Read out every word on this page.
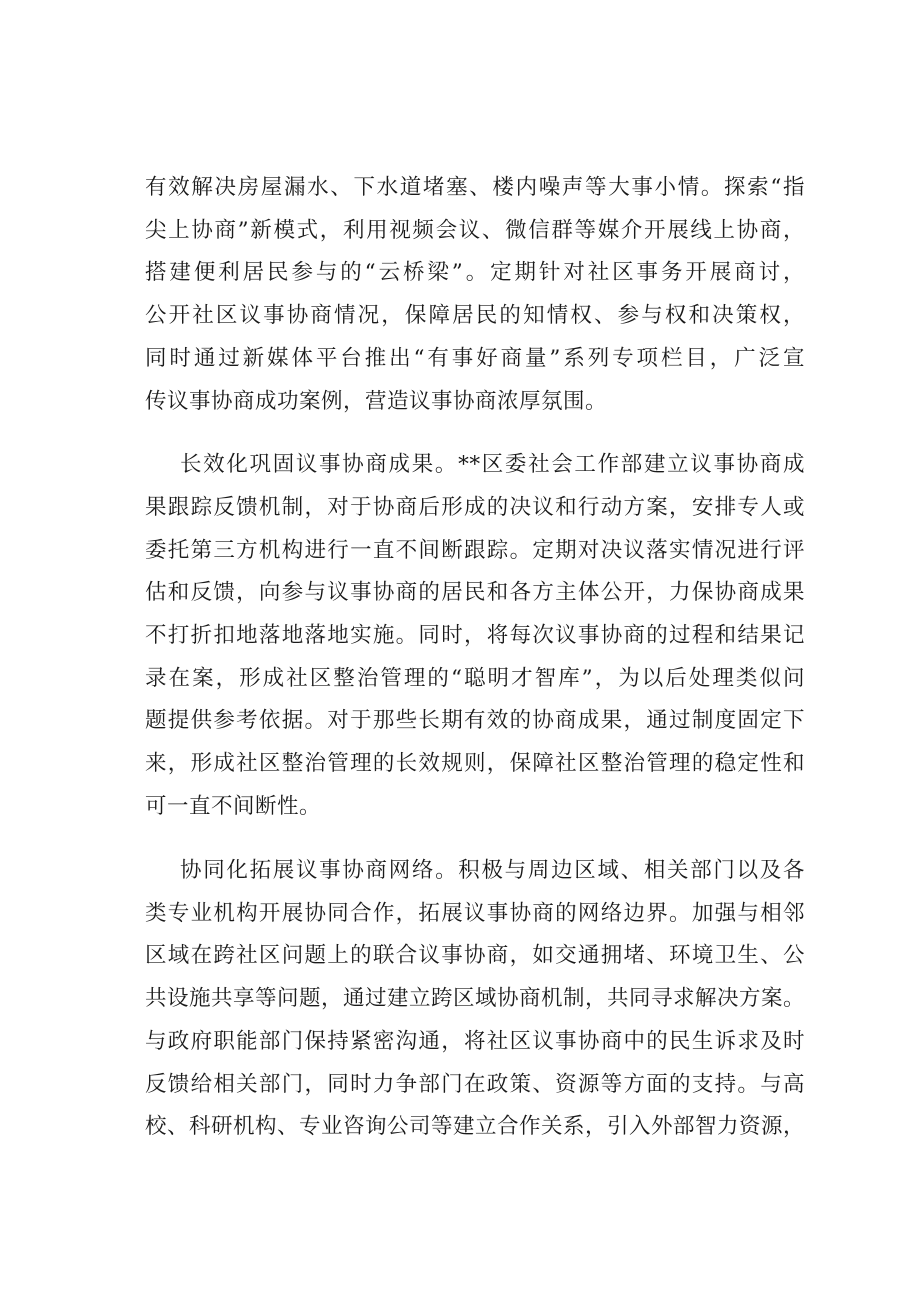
有效解决房屋漏水、下水道堵塞、楼内噪声等大事小情。探索“指
尖上协商”新模式，利用视频会议、微信群等媒介开展线上协商，
搭建便利居民参与的“云桥梁”。定期针对社区事务开展商讨，
公开社区议事协商情况，保障居民的知情权、参与权和决策权，
同时通过新媒体平台推出“有事好商量”系列专项栏目，广泛宣
传议事协商成功案例，营造议事协商浓厚氛围。
长效化巩固议事协商成果。**区委社会工作部建立议事协商成
果跟踪反馈机制，对于协商后形成的决议和行动方案，安排专人或
委托第三方机构进行一直不间断跟踪。定期对决议落实情况进行评
估和反馈，向参与议事协商的居民和各方主体公开，力保协商成果
不打折扣地落地落地实施。同时，将每次议事协商的过程和结果记
录在案，形成社区整治管理的“聪明才智库”，为以后处理类似问
题提供参考依据。对于那些长期有效的协商成果，通过制度固定下
来，形成社区整治管理的长效规则，保障社区整治管理的稳定性和
可一直不间断性。
协同化拓展议事协商网络。积极与周边区域、相关部门以及各
类专业机构开展协同合作，拓展议事协商的网络边界。加强与相邻
区域在跨社区问题上的联合议事协商，如交通拥堵、环境卫生、公
共设施共享等问题，通过建立跨区域协商机制，共同寻求解决方案。
与政府职能部门保持紧密沟通，将社区议事协商中的民生诉求及时
反馈给相关部门，同时力争部门在政策、资源等方面的支持。与高
校、科研机构、专业咨询公司等建立合作关系，引入外部智力资源，
